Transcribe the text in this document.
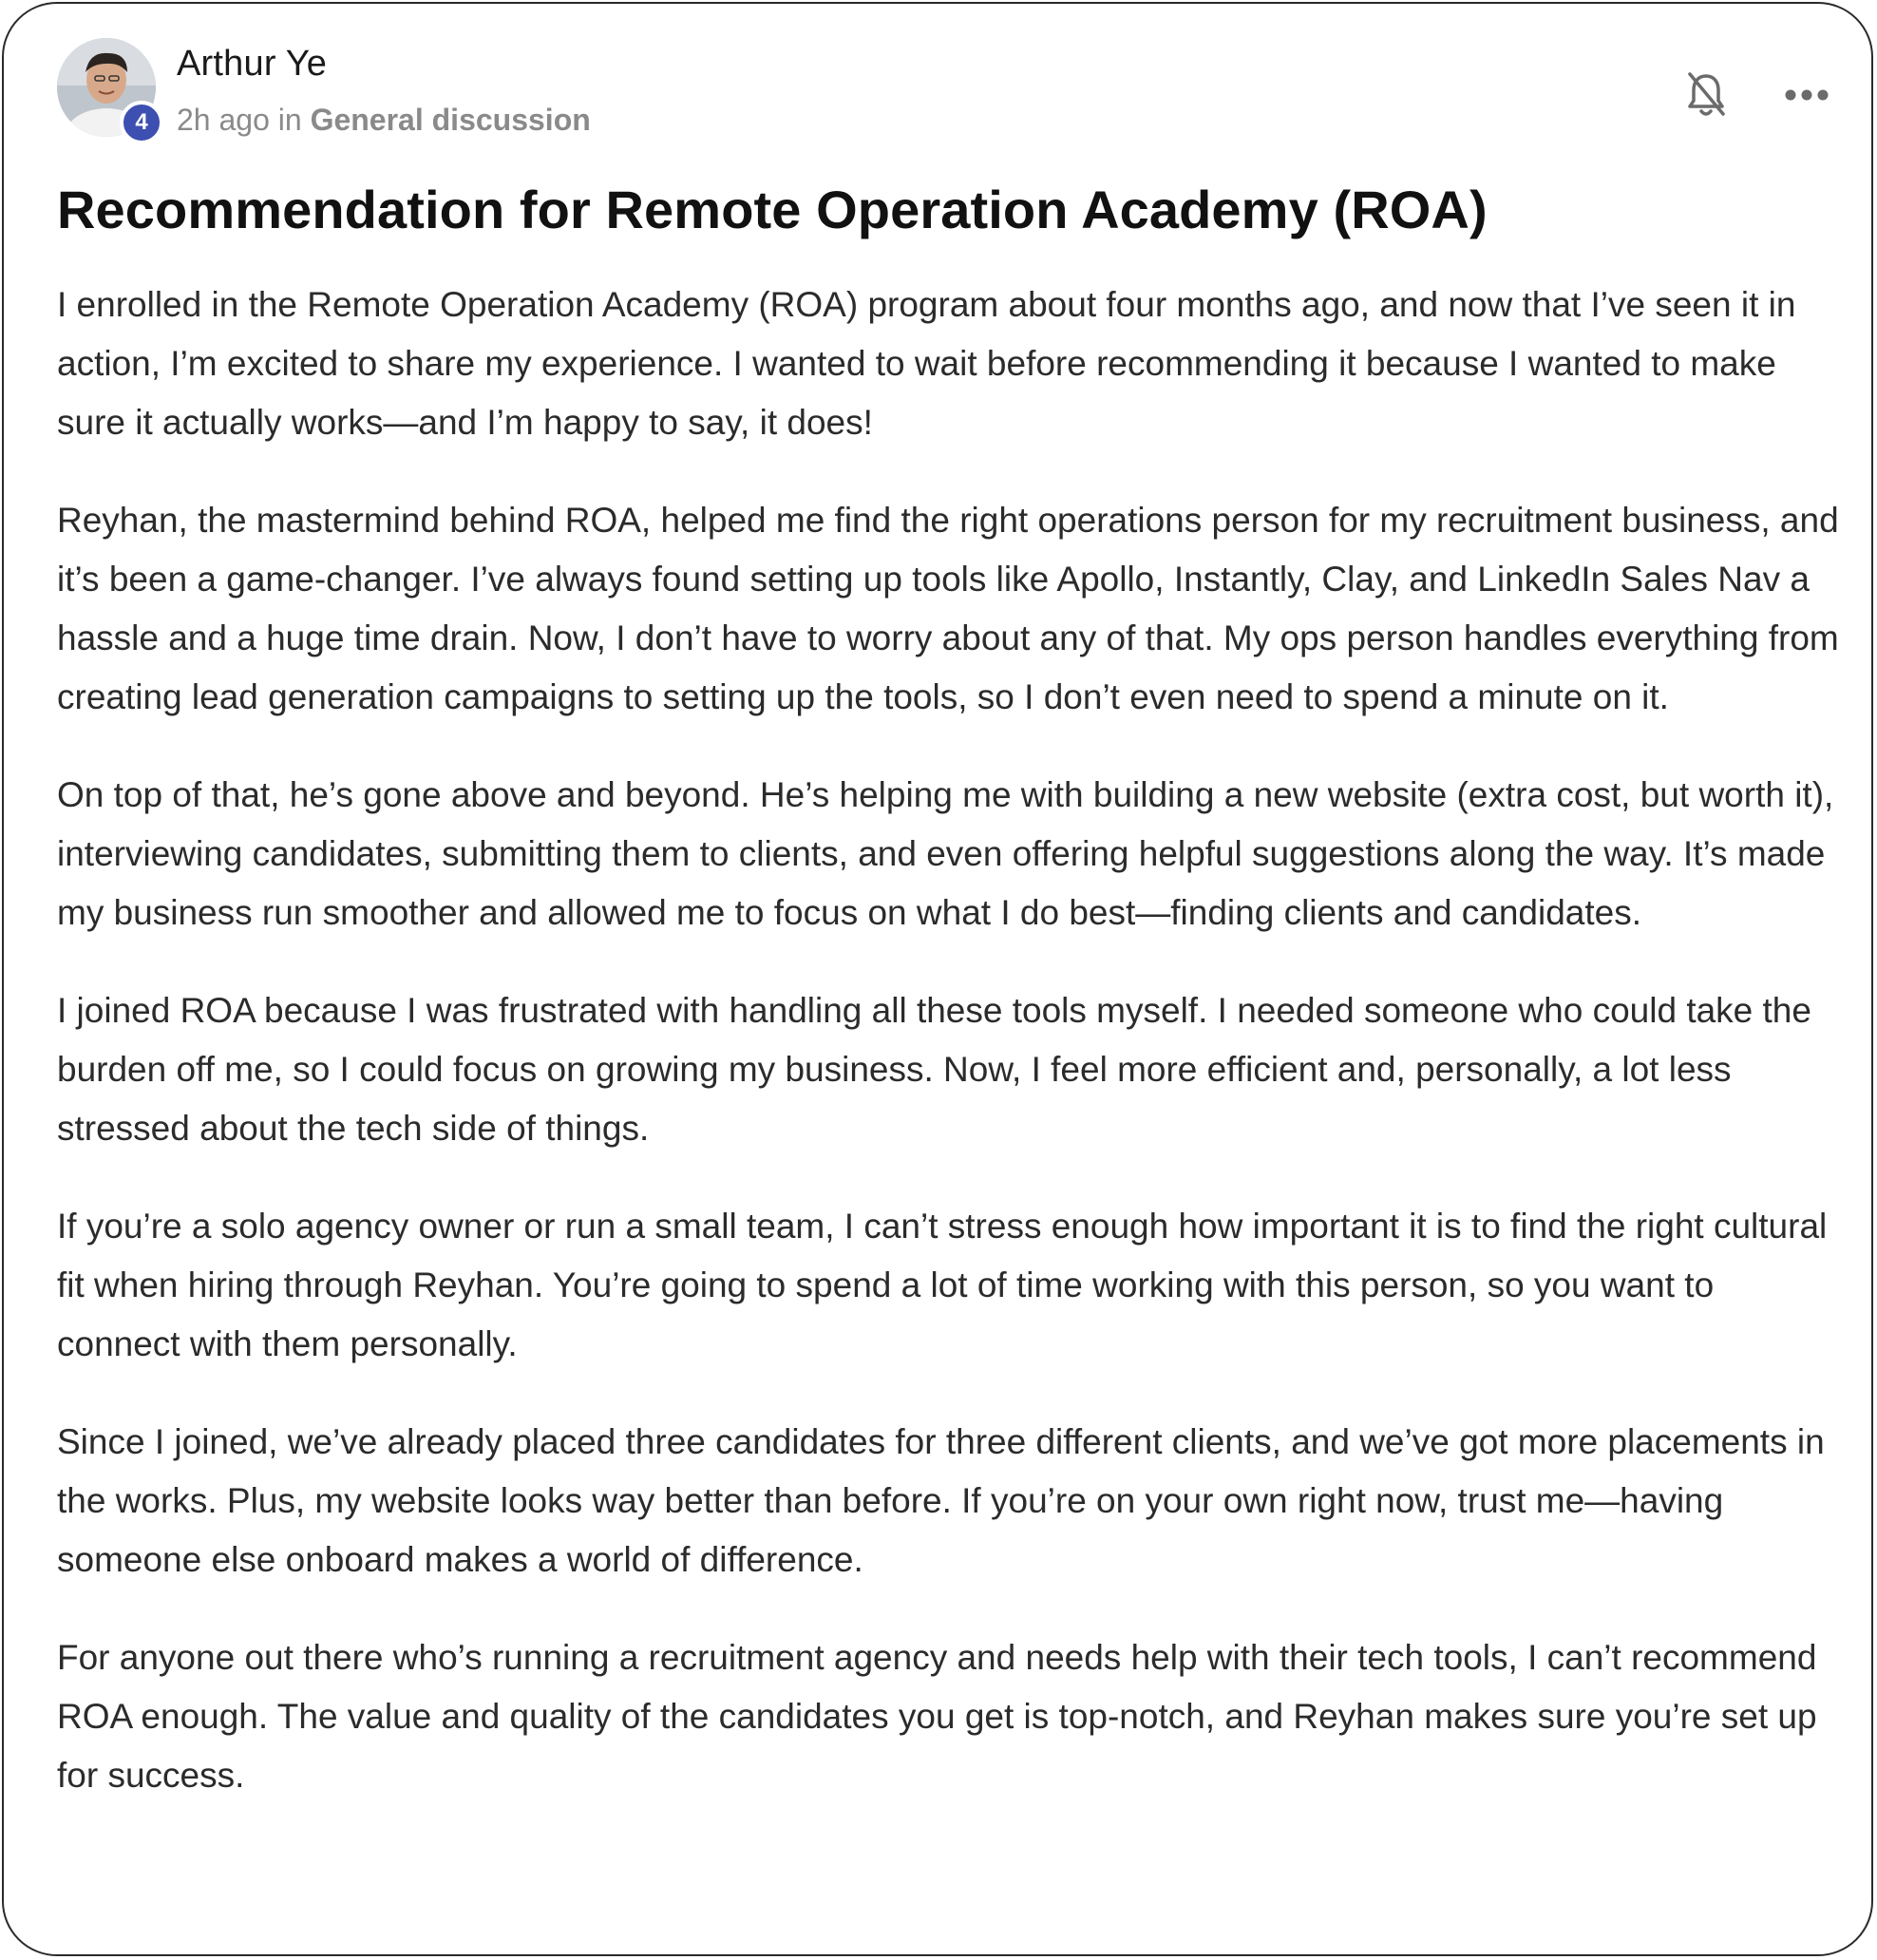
4
Arthur Ye
2h ago in General discussion
Recommendation for Remote Operation Academy (ROA)

I enrolled in the Remote Operation Academy (ROA) program about four months ago, and now that I’ve seen it in action, I’m excited to share my experience. I wanted to wait before recommending it because I wanted to make sure it actually works—and I’m happy to say, it does!

Reyhan, the mastermind behind ROA, helped me find the right operations person for my recruitment business, and it’s been a game-changer. I’ve always found setting up tools like Apollo, Instantly, Clay, and LinkedIn Sales Nav a hassle and a huge time drain. Now, I don’t have to worry about any of that. My ops person handles everything from creating lead generation campaigns to setting up the tools, so I don’t even need to spend a minute on it.

On top of that, he’s gone above and beyond. He’s helping me with building a new website (extra cost, but worth it), interviewing candidates, submitting them to clients, and even offering helpful suggestions along the way. It’s made my business run smoother and allowed me to focus on what I do best—finding clients and candidates.

I joined ROA because I was frustrated with handling all these tools myself. I needed someone who could take the burden off me, so I could focus on growing my business. Now, I feel more efficient and, personally, a lot less stressed about the tech side of things.

If you’re a solo agency owner or run a small team, I can’t stress enough how important it is to find the right cultural fit when hiring through Reyhan. You’re going to spend a lot of time working with this person, so you want to connect with them personally.

Since I joined, we’ve already placed three candidates for three different clients, and we’ve got more placements in the works. Plus, my website looks way better than before. If you’re on your own right now, trust me—having someone else onboard makes a world of difference.

For anyone out there who’s running a recruitment agency and needs help with their tech tools, I can’t recommend ROA enough. The value and quality of the candidates you get is top-notch, and Reyhan makes sure you’re set up for success.
